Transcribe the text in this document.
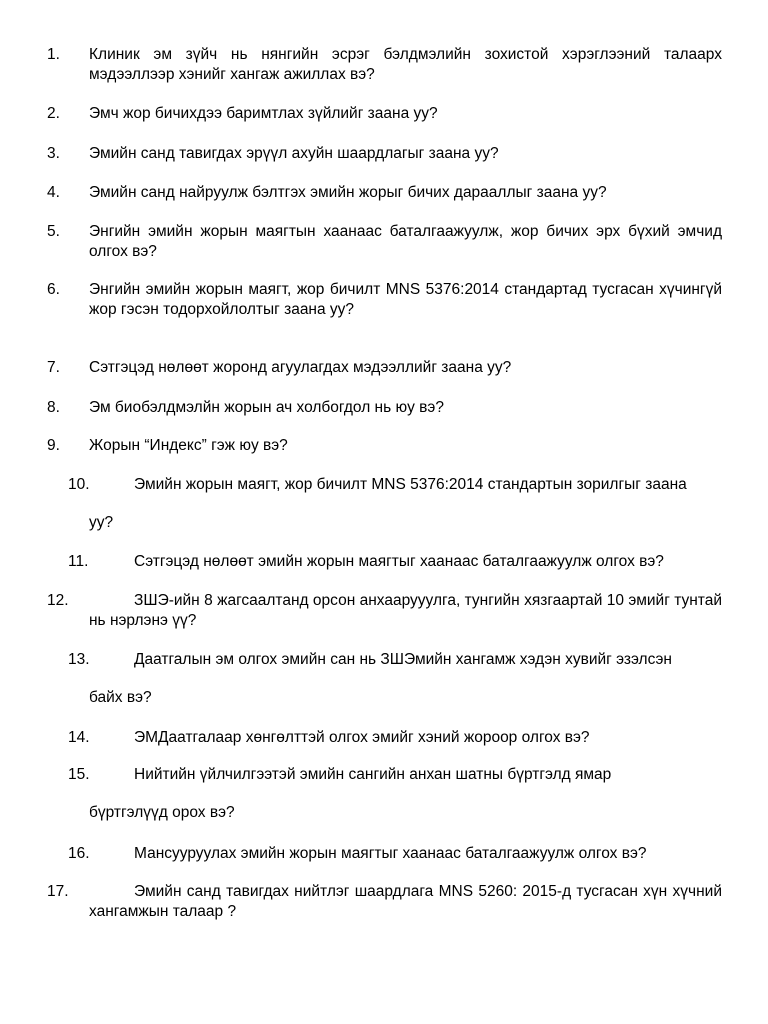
1. Клиник эм зүйч нь нянгийн эсрэг бэлдмэлийн зохистой хэрэглээний талаарх мэдээллээр хэнийг хангаж ажиллах вэ?
2. Эмч жор бичихдээ баримтлах зүйлийг заана уу?
3. Эмийн санд тавигдах эрүүл ахуйн шаардлагыг заана уу?
4. Эмийн санд найруулж бэлтгэх эмийн жорыг бичих дарааллыг заана уу?
5. Энгийн эмийн жорын маягтын хаанаас баталгаажуулж, жор бичих эрх бүхий эмчид олгох вэ?
6. Энгийн эмийн жорын маягт, жор бичилт MNS 5376:2014 стандартад тусгасан хүчингүй жор гэсэн тодорхойлолтыг заана уу?
7. Сэтгэцэд нөлөөт жоронд агуулагдах мэдээллийг заана уу?
8. Эм биобэлдмэлйн жорын ач холбогдол нь юу вэ?
9. Жорын “Индекс” гэж юу вэ?
10.	Эмийн жорын маягт, жор бичилт MNS 5376:2014 стандартын зорилгыг заана
уу?
11.	Сэтгэцэд нөлөөт эмийн жорын маягтыг хаанаас баталгаажуулж олгох вэ?
12.	ЗШЭ-ийн 8 жагсаалтанд орсон анхаарууулга, тунгийн хязгаартай 10 эмийг тунтай нь нэрлэнэ үү?
13.	Даатгалын эм олгох эмийн сан нь ЗШЭмийн хангамж хэдэн хувийг эзэлсэн
байх вэ?
14.	ЭМДаатгалаар хөнгөлттэй олгох эмийг хэний жороор олгох вэ?
15.	Нийтийн үйлчилгээтэй эмийн сангийн анхан шатны бүртгэлд ямар
бүртгэлүүд орох вэ?
16.	Мансууруулах эмийн жорын маягтыг хаанаас баталгаажуулж олгох вэ?
17.	Эмийн санд тавигдах нийтлэг шаардлага MNS 5260: 2015-д тусгасан хүн хүчний хангамжын талаар ?
